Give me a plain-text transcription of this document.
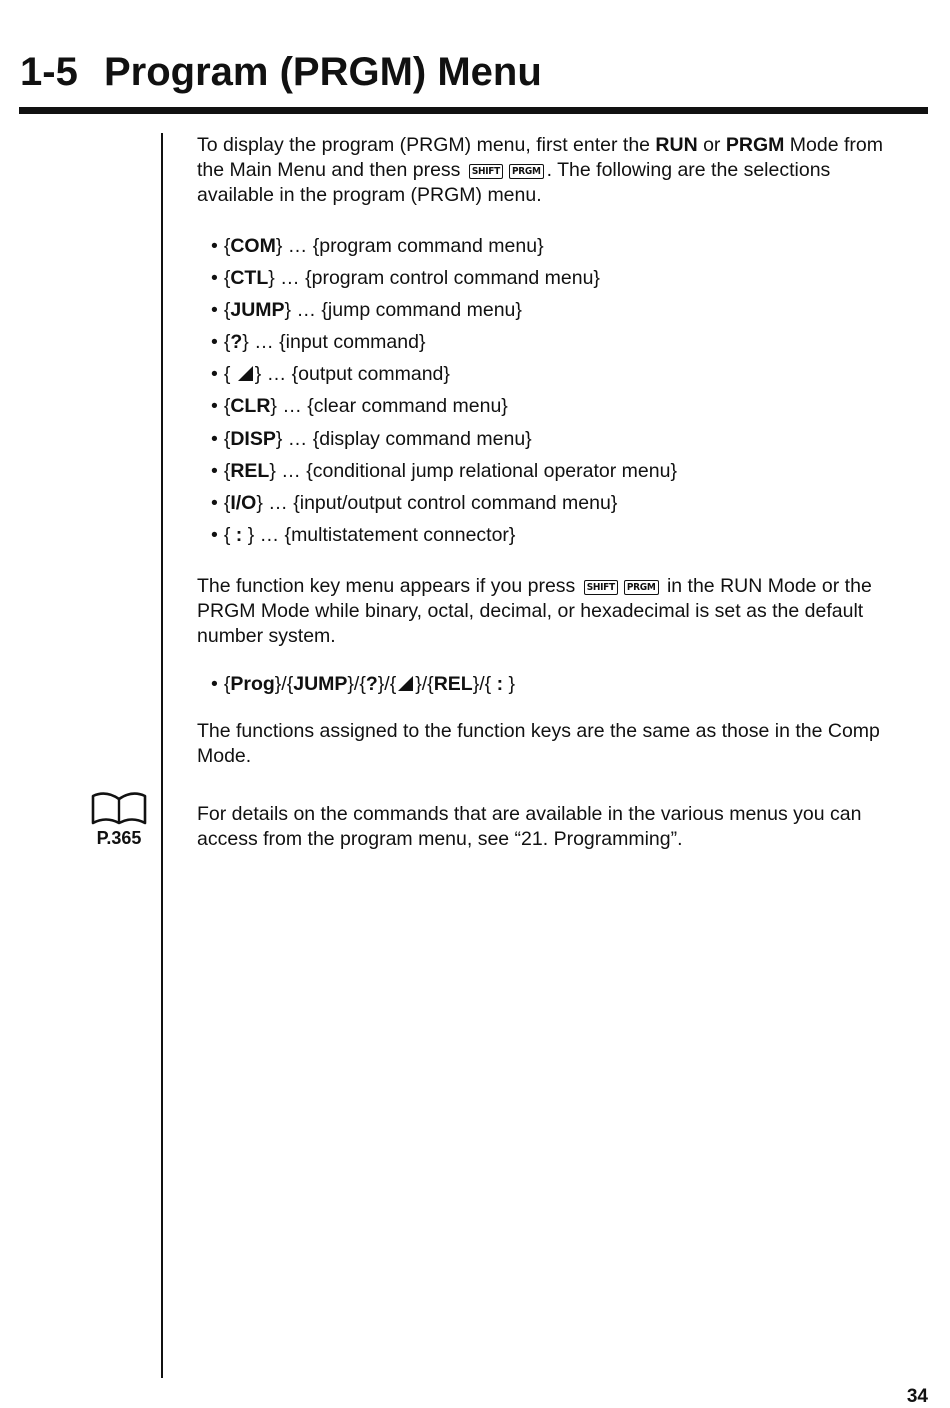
1-5 Program (PRGM) Menu
P.365

To display the program (PRGM) menu, first enter the RUN or PRGM Mode from the Main Menu and then press SHIFT PRGM . The following are the selections available in the program (PRGM) menu.

• {COM} … {program command menu}
• {CTL} … {program control command menu}
• {JUMP} … {jump command menu}
• {?} … {input command}
• { } … {output command}
• {CLR} … {clear command menu}
• {DISP} … {display command menu}
• {REL} … {conditional jump relational operator menu}
• {I/O} … {input/output control command menu}
• { : } … {multistatement connector}

The function key menu appears if you press SHIFT PRGM in the RUN Mode or the PRGM Mode while binary, octal, decimal, or hexadecimal is set as the default number system.

• {Prog}/{JUMP}/{?}/{ }/{REL}/{ : }

The functions assigned to the function keys are the same as those in the Comp Mode.

For details on the commands that are available in the various menus you can access from the program menu, see “21. Programming”.

34
